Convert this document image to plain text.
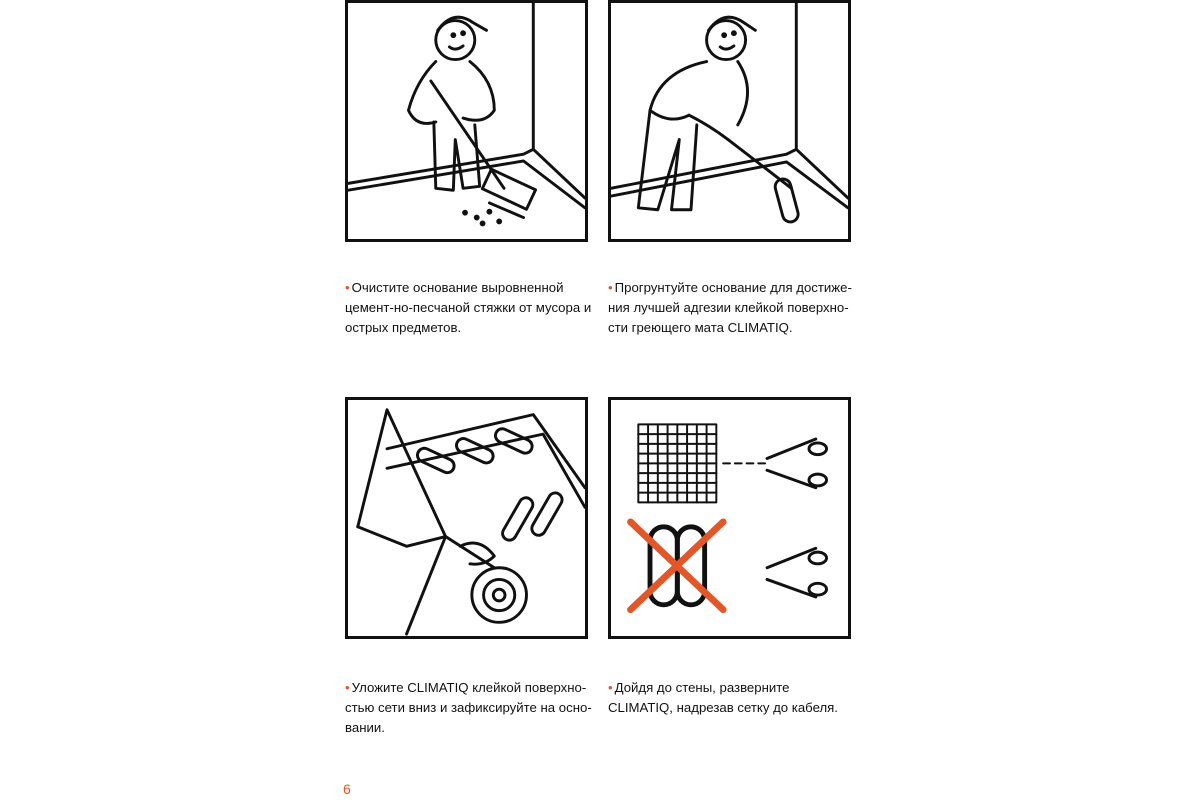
• Очистите основание выровненной цемент-но-песчаной стяжки от мусора и острых предметов.
• Прогрунтуйте основание для достиже-ния лучшей адгезии клейкой поверхно-сти греющего мата CLIMATIQ.
• Уложите CLIMATIQ клейкой поверхно-стью сети вниз и зафиксируйте на осно-вании.
• Дойдя до стены, разверните CLIMATIQ, надрезав сетку до кабеля.
6
